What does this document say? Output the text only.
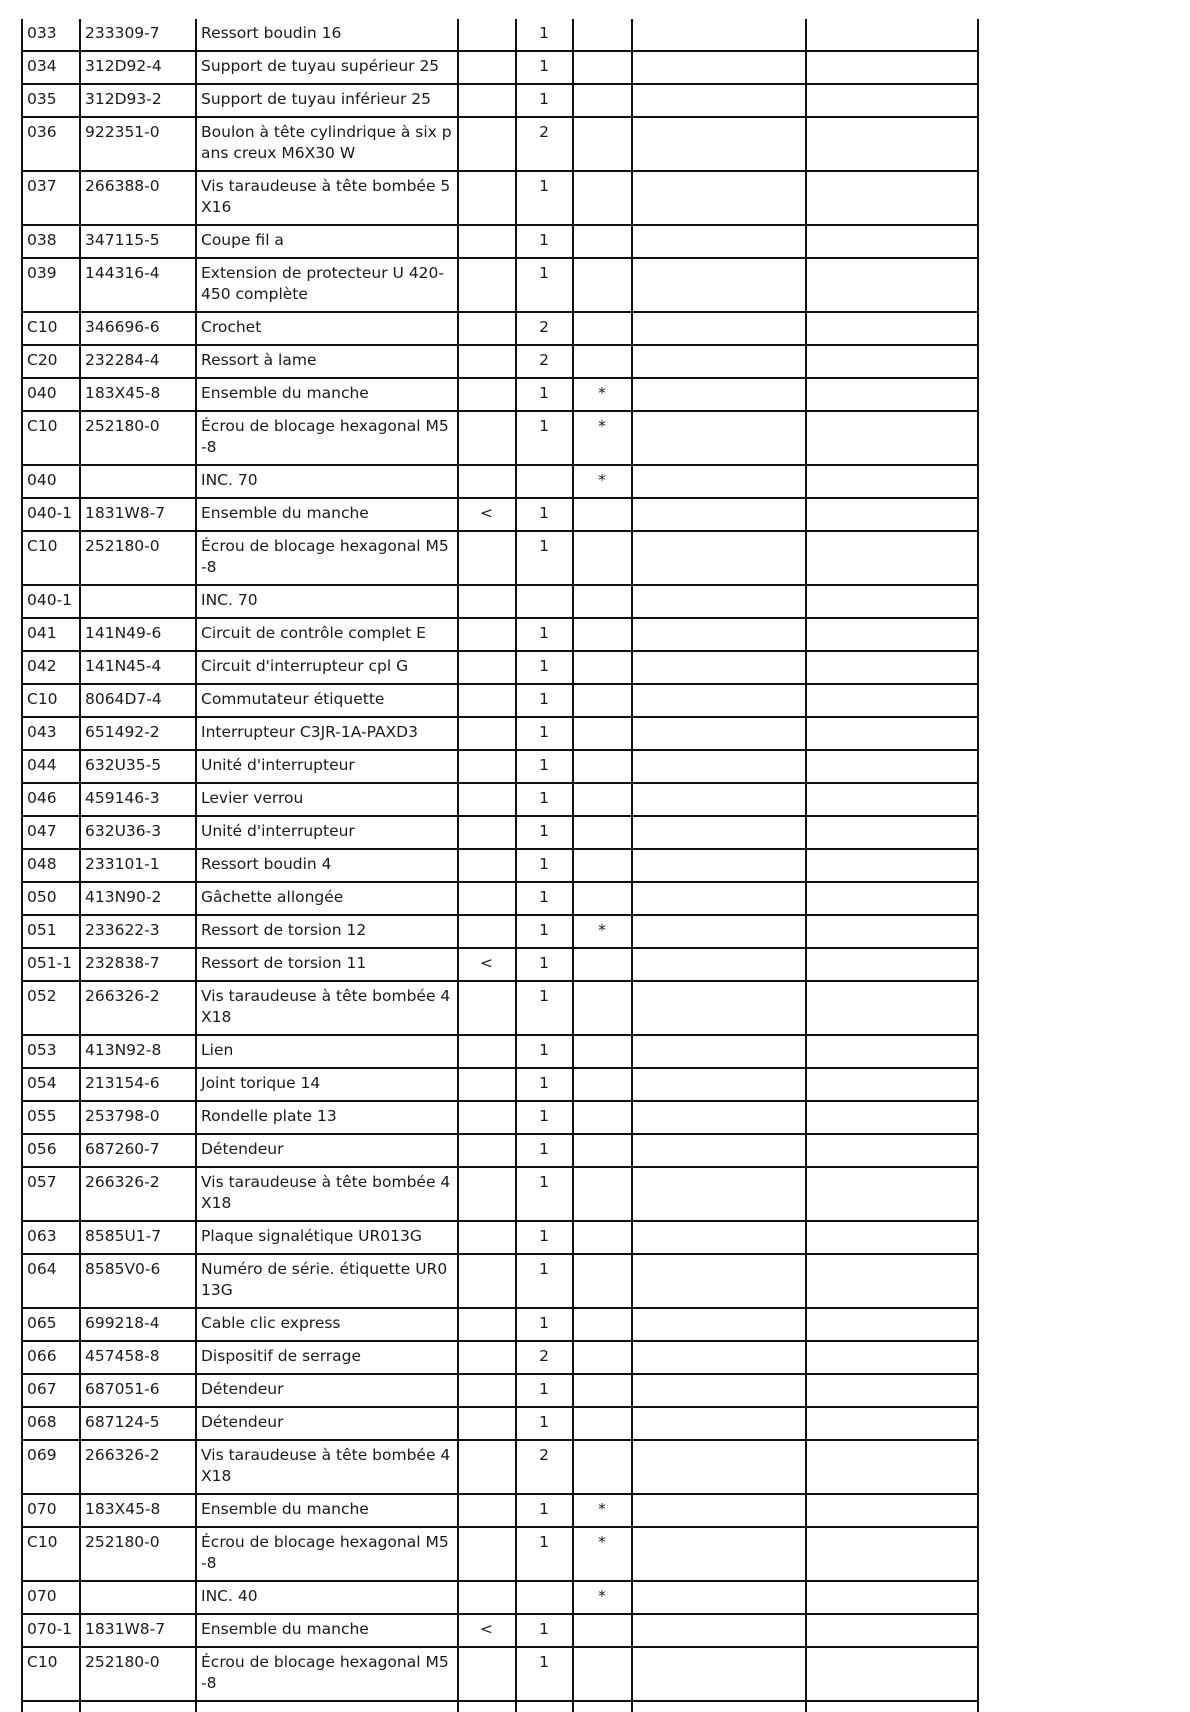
033	233309-7	Ressort boudin 16		1			
034	312D92-4	Support de tuyau supérieur 25		1			
035	312D93-2	Support de tuyau inférieur 25		1			
036	922351-0	Boulon à tête cylindrique à six pans creux M6X30 W		2			
037	266388-0	Vis taraudeuse à tête bombée 5X16		1			
038	347115-5	Coupe fil a		1			
039	144316-4	Extension de protecteur U 420-450 complète		1			
C10	346696-6	Crochet		2			
C20	232284-4	Ressort à lame		2			
040	183X45-8	Ensemble du manche		1	*		
C10	252180-0	Écrou de blocage hexagonal M5-8		1	*		
040		INC. 70			*		
040-1	1831W8-7	Ensemble du manche	<	1			
C10	252180-0	Écrou de blocage hexagonal M5-8		1			
040-1		INC. 70					
041	141N49-6	Circuit de contrôle complet E		1			
042	141N45-4	Circuit d'interrupteur cpl G		1			
C10	8064D7-4	Commutateur étiquette		1			
043	651492-2	Interrupteur C3JR-1A-PAXD3		1			
044	632U35-5	Unité d'interrupteur		1			
046	459146-3	Levier verrou		1			
047	632U36-3	Unité d'interrupteur		1			
048	233101-1	Ressort boudin 4		1			
050	413N90-2	Gâchette allongée		1			
051	233622-3	Ressort de torsion 12		1	*		
051-1	232838-7	Ressort de torsion 11	<	1			
052	266326-2	Vis taraudeuse à tête bombée 4X18		1			
053	413N92-8	Lien		1			
054	213154-6	Joint torique 14		1			
055	253798-0	Rondelle plate 13		1			
056	687260-7	Détendeur		1			
057	266326-2	Vis taraudeuse à tête bombée 4X18		1			
063	8585U1-7	Plaque signalétique UR013G		1			
064	8585V0-6	Numéro de série. étiquette UR013G		1			
065	699218-4	Cable clic express		1			
066	457458-8	Dispositif de serrage		2			
067	687051-6	Détendeur		1			
068	687124-5	Détendeur		1			
069	266326-2	Vis taraudeuse à tête bombée 4X18		2			
070	183X45-8	Ensemble du manche		1	*		
C10	252180-0	Écrou de blocage hexagonal M5-8		1	*		
070		INC. 40			*		
070-1	1831W8-7	Ensemble du manche	<	1			
C10	252180-0	Écrou de blocage hexagonal M5-8		1			
